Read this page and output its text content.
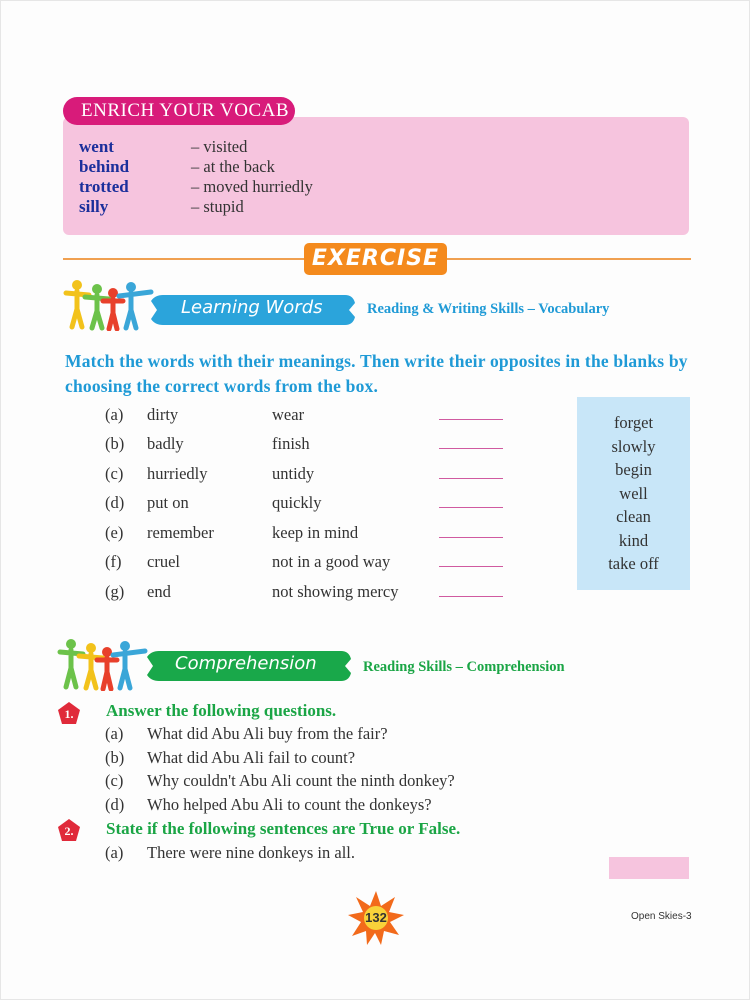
went	– visited
behind	– at the back
trotted	– moved hurriedly
silly	– stupid
ENRICH YOUR VOCAB
EXERCISE
Learning Words	Reading & Writing Skills – Vocabulary
Match the words with their meanings. Then write their opposites in the blanks by choosing the correct words from the box.
(a)	dirty	wear
(b)	badly	finish
(c)	hurriedly	untidy
(d)	put on	quickly
(e)	remember	keep in mind
(f)	cruel	not in a good way
(g)	end	not showing mercy
forget
slowly
begin
well
clean
kind
take off
Comprehension	Reading Skills – Comprehension
1. Answer the following questions.
(a) What did Abu Ali buy from the fair?
(b) What did Abu Ali fail to count?
(c) Why couldn't Abu Ali count the ninth donkey?
(d) Who helped Abu Ali to count the donkeys?
2. State if the following sentences are True or False.
(a) There were nine donkeys in all.
132	Open Skies-3
